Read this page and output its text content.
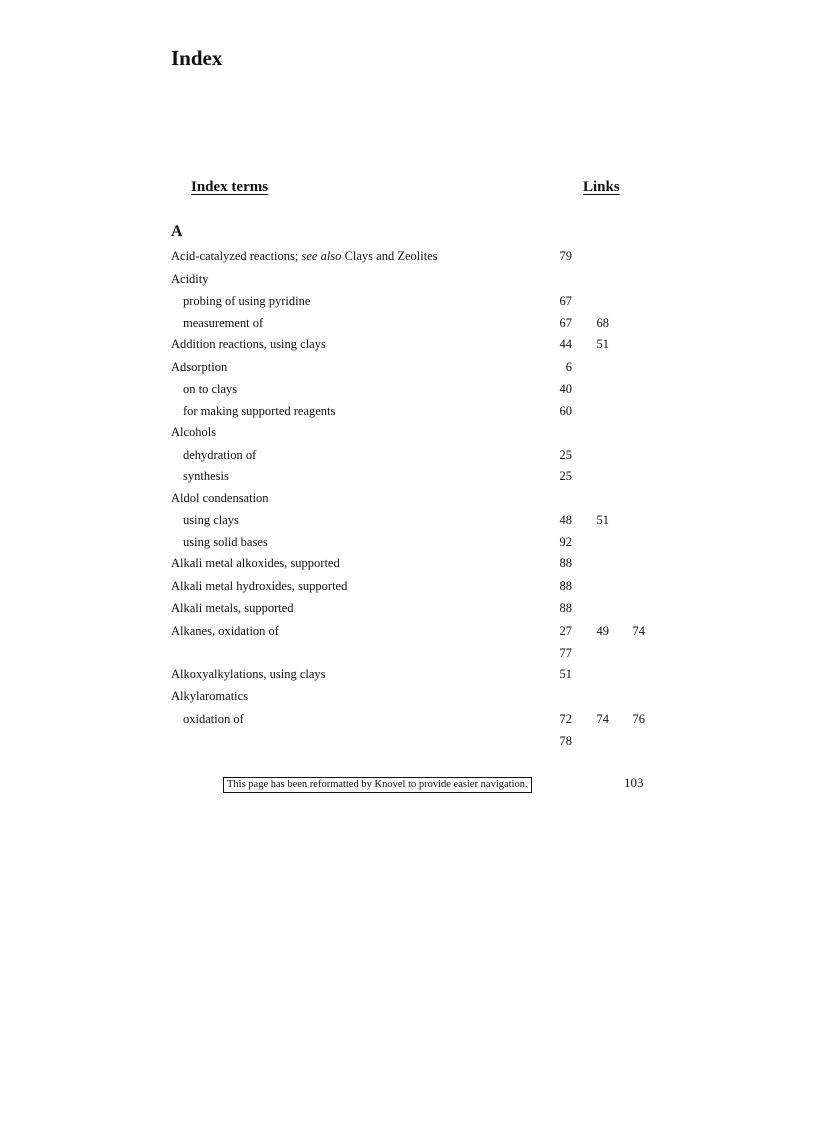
Index
Index terms	Links
A
Acid-catalyzed reactions; see also Clays and Zeolites	79
Acidity
probing of using pyridine	67
measurement of	67	68
Addition reactions, using clays	44	51
Adsorption	6
on to clays	40
for making supported reagents	60
Alcohols
dehydration of	25
synthesis	25
Aldol condensation
using clays	48	51
using solid bases	92
Alkali metal alkoxides, supported	88
Alkali metal hydroxides, supported	88
Alkali metals, supported	88
Alkanes, oxidation of	27	49	74
77
Alkoxyalkylations, using clays	51
Alkylaromatics
oxidation of	72	74	76
78
This page has been reformatted by Knovel to provide easier navigation.	103
